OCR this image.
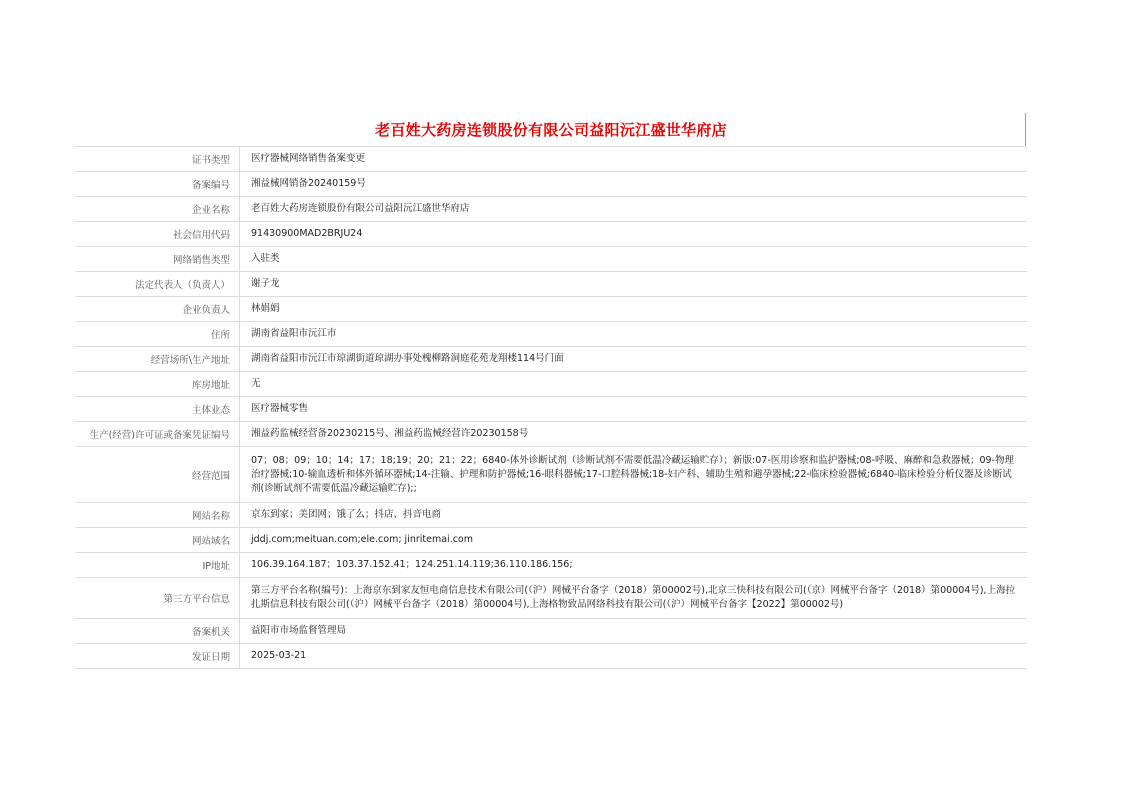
老百姓大药房连锁股份有限公司益阳沅江盛世华府店
证书类型	医疗器械网络销售备案变更
备案编号	湘益械网销备20240159号
企业名称	老百姓大药房连锁股份有限公司益阳沅江盛世华府店
社会信用代码	91430900MAD2BRJU24
网络销售类型	入驻类
法定代表人（负责人）	谢子龙
企业负责人	林娟娟
住所	湖南省益阳市沅江市
经营场所\生产地址	湖南省益阳市沅江市琼湖街道琼湖办事处槐柳路洞庭花苑龙翔楼114号门面
库房地址	无
主体业态	医疗器械零售
生产(经营)许可证或备案凭证编号	湘益药监械经营备20230215号、湘益药监械经营许20230158号
经营范围	07；08；09；10；14；17；18;19；20；21；22；6840-体外诊断试剂（诊断试剂不需要低温冷藏运输贮存）；新版:07-医用诊察和监护器械;08-呼吸、麻醉和急救器械；09-物理治疗器械;10-输血透析和体外循环器械;14-注输、护理和防护器械;16-眼科器械;17-口腔科器械;18-妇产科、辅助生殖和避孕器械;22-临床检验器械;6840-临床检验分析仪器及诊断试剂(诊断试剂不需要低温冷藏运输贮存);;
网站名称	京东到家；美团网；饿了么；抖店、抖音电商
网站域名	jddj.com;meituan.com;ele.com; jinritemai.com
IP地址	106.39.164.187；103.37.152.41；124.251.14.119;36.110.186.156;
第三方平台信息	第三方平台名称(编号)：上海京东到家友恒电商信息技术有限公司(（沪）网械平台备字（2018）第00002号),北京三快科技有限公司(（京）网械平台备字（2018）第00004号),上海拉扎斯信息科技有限公司(（沪）网械平台备字（2018）第00004号),上海格物致品网络科技有限公司(（沪）网械平台备字【2022】第00002号)
备案机关	益阳市市场监督管理局
发证日期	2025-03-21
